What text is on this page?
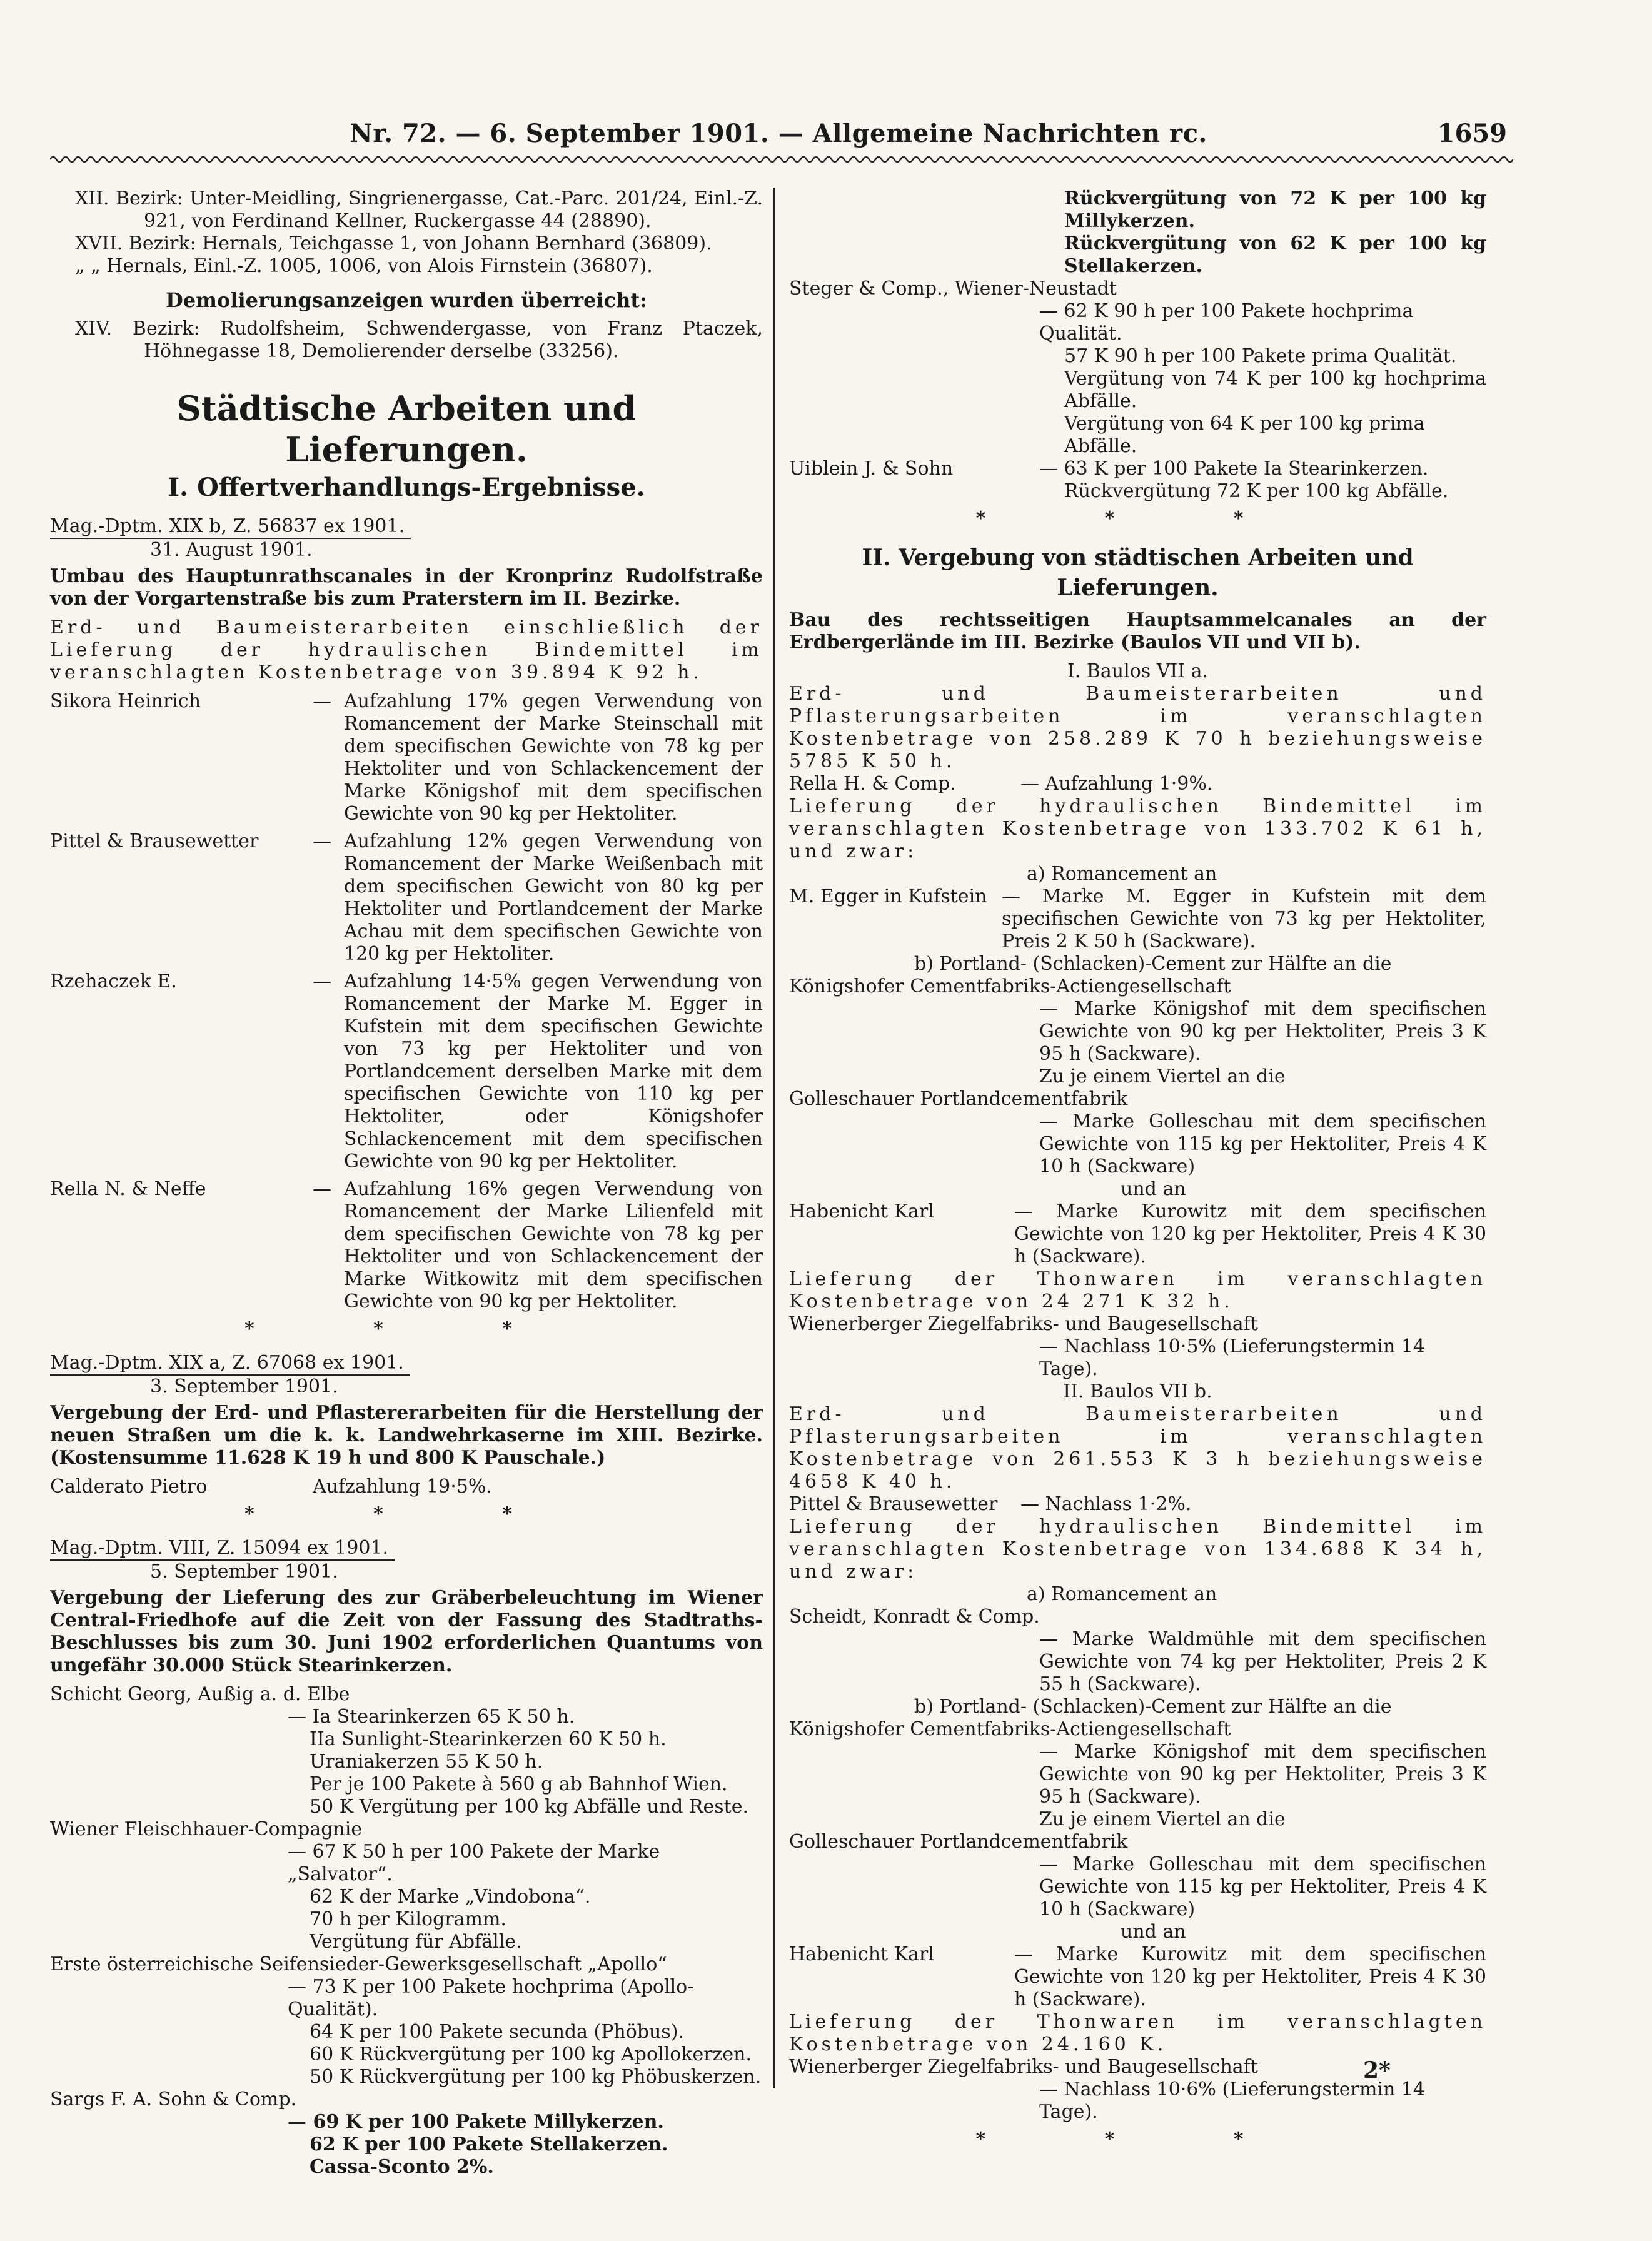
Nr. 72. — 6. September 1901. — Allgemeine Nachrichten rc.	1659

XII. Bezirk: Unter-Meidling, Singrienergasse, Cat.-Parc. 201/24, Einl.-Z. 921, von Ferdinand Kellner, Ruckergasse 44 (28890).

XVII. Bezirk: Hernals, Teichgasse 1, von Johann Bernhard (36809).

„ „ Hernals, Einl.-Z. 1005, 1006, von Alois Firnstein (36807).

Demolierungsanzeigen wurden überreicht:

XIV. Bezirk: Rudolfsheim, Schwendergasse, von Franz Ptaczek, Höhnegasse 18, Demolierender derselbe (33256).

Städtische Arbeiten und Lieferungen.

I. Offertverhandlungs-Ergebnisse.

Mag.-Dptm. XIX b, Z. 56837 ex 1901.

31. August 1901.

Umbau des Hauptunrathscanales in der Kronprinz Rudolfstraße von der Vorgartenstraße bis zum Praterstern im II. Bezirke.

Erd- und Baumeisterarbeiten einschließlich der Lieferung der hydraulischen Bindemittel im veranschlagten Kostenbetrage von 39.894 K 92 h.

Sikora Heinrich	— Aufzahlung 17% gegen Verwendung von Romancement der Marke Steinschall mit dem specifischen Gewichte von 78 kg per Hektoliter und von Schlackencement der Marke Königshof mit dem specifischen Gewichte von 90 kg per Hektoliter.
Pittel & Brausewetter	— Aufzahlung 12% gegen Verwendung von Romancement der Marke Weißenbach mit dem specifischen Gewicht von 80 kg per Hektoliter und Portlandcement der Marke Achau mit dem specifischen Gewichte von 120 kg per Hektoliter.
Rzehaczek E.	— Aufzahlung 14·5% gegen Verwendung von Romancement der Marke M. Egger in Kufstein mit dem specifischen Gewichte von 73 kg per Hektoliter und von Portlandcement derselben Marke mit dem specifischen Gewichte von 110 kg per Hektoliter, oder Königshofer Schlackencement mit dem specifischen Gewichte von 90 kg per Hektoliter.
Rella N. & Neffe	— Aufzahlung 16% gegen Verwendung von Romancement der Marke Lilienfeld mit dem specifischen Gewichte von 78 kg per Hektoliter und von Schlackencement der Marke Witkowitz mit dem specifischen Gewichte von 90 kg per Hektoliter.

* * *

Mag.-Dptm. XIX a, Z. 67068 ex 1901.

3. September 1901.

Vergebung der Erd- und Pflastererarbeiten für die Herstellung der neuen Straßen um die k. k. Landwehrkaserne im XIII. Bezirke. (Kostensumme 11.628 K 19 h und 800 K Pauschale.)

Calderato Pietro	Aufzahlung 19·5%.

* * *

Mag.-Dptm. VIII, Z. 15094 ex 1901.

5. September 1901.

Vergebung der Lieferung des zur Gräberbeleuchtung im Wiener Central-Friedhofe auf die Zeit von der Fassung des Stadtraths-Beschlusses bis zum 30. Juni 1902 erforderlichen Quantums von ungefähr 30.000 Stück Stearinkerzen.

Schicht Georg, Außig a. d. Elbe

— Ia Stearinkerzen 65 K 50 h.

IIa Sunlight-Stearinkerzen 60 K 50 h.

Uraniakerzen 55 K 50 h.

Per je 100 Pakete à 560 g ab Bahnhof Wien.

50 K Vergütung per 100 kg Abfälle und Reste.

Wiener Fleischhauer-Compagnie

— 67 K 50 h per 100 Pakete der Marke „Salvator“.

62 K der Marke „Vindobona“.

70 h per Kilogramm.

Vergütung für Abfälle.

Erste österreichische Seifensieder-Gewerksgesellschaft „Apollo“

— 73 K per 100 Pakete hochprima (Apollo-Qualität).

64 K per 100 Pakete secunda (Phöbus).

60 K Rückvergütung per 100 kg Apollokerzen.

50 K Rückvergütung per 100 kg Phöbuskerzen.

Sargs F. A. Sohn & Comp.

— 69 K per 100 Pakete Millykerzen.

62 K per 100 Pakete Stellakerzen.

Cassa-Sconto 2%.

Rückvergütung von 72 K per 100 kg Millykerzen.

Rückvergütung von 62 K per 100 kg Stellakerzen.

Steger & Comp., Wiener-Neustadt

— 62 K 90 h per 100 Pakete hochprima Qualität.

57 K 90 h per 100 Pakete prima Qualität.

Vergütung von 74 K per 100 kg hochprima Abfälle.

Vergütung von 64 K per 100 kg prima Abfälle.

Uiblein J. & Sohn	— 63 K per 100 Pakete Ia Stearinkerzen.

Rückvergütung 72 K per 100 kg Abfälle.

* * *

II. Vergebung von städtischen Arbeiten und Lieferungen.

Bau des rechtsseitigen Hauptsammelcanales an der Erdbergerlände im III. Bezirke (Baulos VII und VII b).

I. Baulos VII a.

Erd- und Baumeisterarbeiten und Pflasterungsarbeiten im veranschlagten Kostenbetrage von 258.289 K 70 h beziehungsweise 5785 K 50 h.

Rella H. & Comp.	— Aufzahlung 1·9%.

Lieferung der hydraulischen Bindemittel im veranschlagten Kostenbetrage von 133.702 K 61 h, und zwar:

a) Romancement an

M. Egger in Kufstein — Marke M. Egger in Kufstein mit dem specifischen Gewichte von 73 kg per Hektoliter, Preis 2 K 50 h (Sackware).

b) Portland- (Schlacken)-Cement zur Hälfte an die

Königshofer Cementfabriks-Actiengesellschaft

— Marke Königshof mit dem specifischen Gewichte von 90 kg per Hektoliter, Preis 3 K 95 h (Sackware).

Zu je einem Viertel an die

Golleschauer Portlandcementfabrik

— Marke Golleschau mit dem specifischen Gewichte von 115 kg per Hektoliter, Preis 4 K 10 h (Sackware)

und an

Habenicht Karl	— Marke Kurowitz mit dem specifischen Gewichte von 120 kg per Hektoliter, Preis 4 K 30 h (Sackware).

Lieferung der Thonwaren im veranschlagten Kostenbetrage von 24 271 K 32 h.

Wienerberger Ziegelfabriks- und Baugesellschaft

— Nachlass 10·5% (Lieferungstermin 14 Tage).

II. Baulos VII b.

Erd- und Baumeisterarbeiten und Pflasterungsarbeiten im veranschlagten Kostenbetrage von 261.553 K 3 h beziehungsweise 4658 K 40 h.

Pittel & Brausewetter	— Nachlass 1·2%.

Lieferung der hydraulischen Bindemittel im veranschlagten Kostenbetrage von 134.688 K 34 h, und zwar:

a) Romancement an

Scheidt, Konradt & Comp.

— Marke Waldmühle mit dem specifischen Gewichte von 74 kg per Hektoliter, Preis 2 K 55 h (Sackware).

b) Portland- (Schlacken)-Cement zur Hälfte an die

Königshofer Cementfabriks-Actiengesellschaft

— Marke Königshof mit dem specifischen Gewichte von 90 kg per Hektoliter, Preis 3 K 95 h (Sackware).

Zu je einem Viertel an die

Golleschauer Portlandcementfabrik

— Marke Golleschau mit dem specifischen Gewichte von 115 kg per Hektoliter, Preis 4 K 10 h (Sackware)

und an

Habenicht Karl	— Marke Kurowitz mit dem specifischen Gewichte von 120 kg per Hektoliter, Preis 4 K 30 h (Sackware).

Lieferung der Thonwaren im veranschlagten Kostenbetrage von 24.160 K.

Wienerberger Ziegelfabriks- und Baugesellschaft

— Nachlass 10·6% (Lieferungstermin 14 Tage).

* * *

2*
